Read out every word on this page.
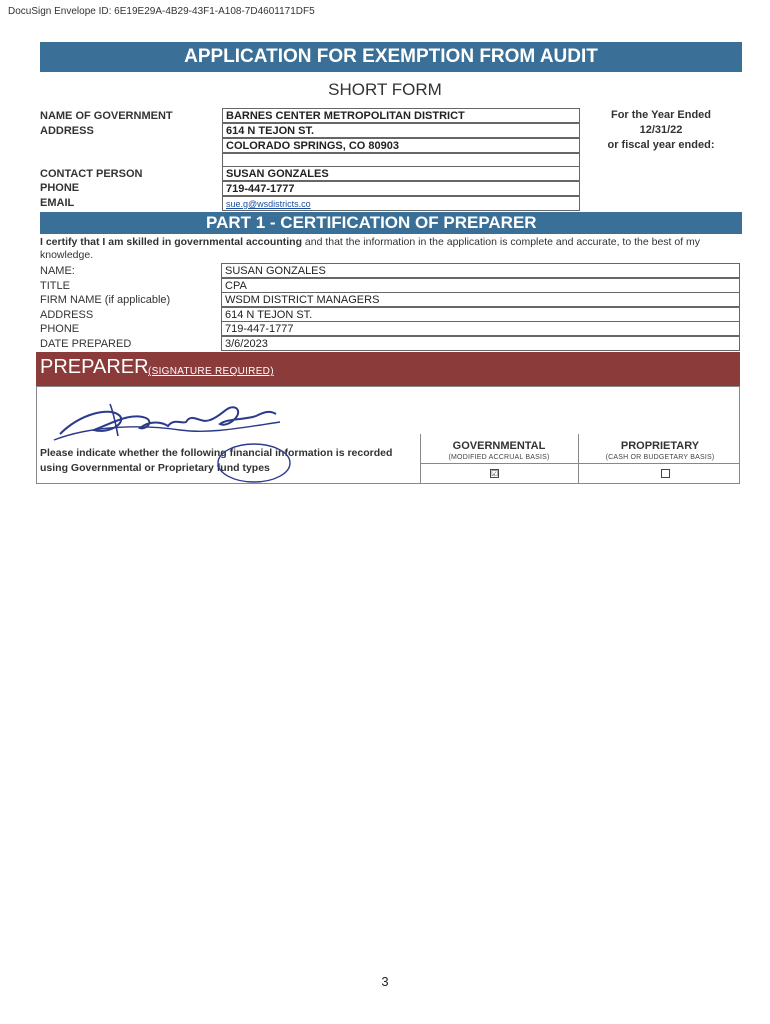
DocuSign Envelope ID: 6E19E29A-4B29-43F1-A108-7D4601171DF5
APPLICATION FOR EXEMPTION FROM AUDIT
SHORT FORM
NAME OF GOVERNMENT
ADDRESS
BARNES CENTER METROPOLITAN DISTRICT
614 N TEJON ST.
COLORADO SPRINGS, CO 80903
For the Year Ended
12/31/22
or fiscal year ended:
CONTACT PERSON
PHONE
EMAIL
SUSAN GONZALES
719-447-1777
sue.g@wsdistricts.co
PART 1 - CERTIFICATION OF PREPARER
I certify that I am skilled in governmental accounting and that the information in the application is complete and accurate, to the best of my knowledge.
NAME:
TITLE
FIRM NAME (if applicable)
ADDRESS
PHONE
DATE PREPARED
SUSAN GONZALES
CPA
WSDM DISTRICT MANAGERS
614 N TEJON ST.
719-447-1777
3/6/2023
PREPARER (SIGNATURE REQUIRED)
Please indicate whether the following financial information is recorded using Governmental or Proprietary fund types
GOVERNMENTAL
(MODIFIED ACCRUAL BASIS)
PROPRIETARY
(CASH OR BUDGETARY BASIS)
☑
3
